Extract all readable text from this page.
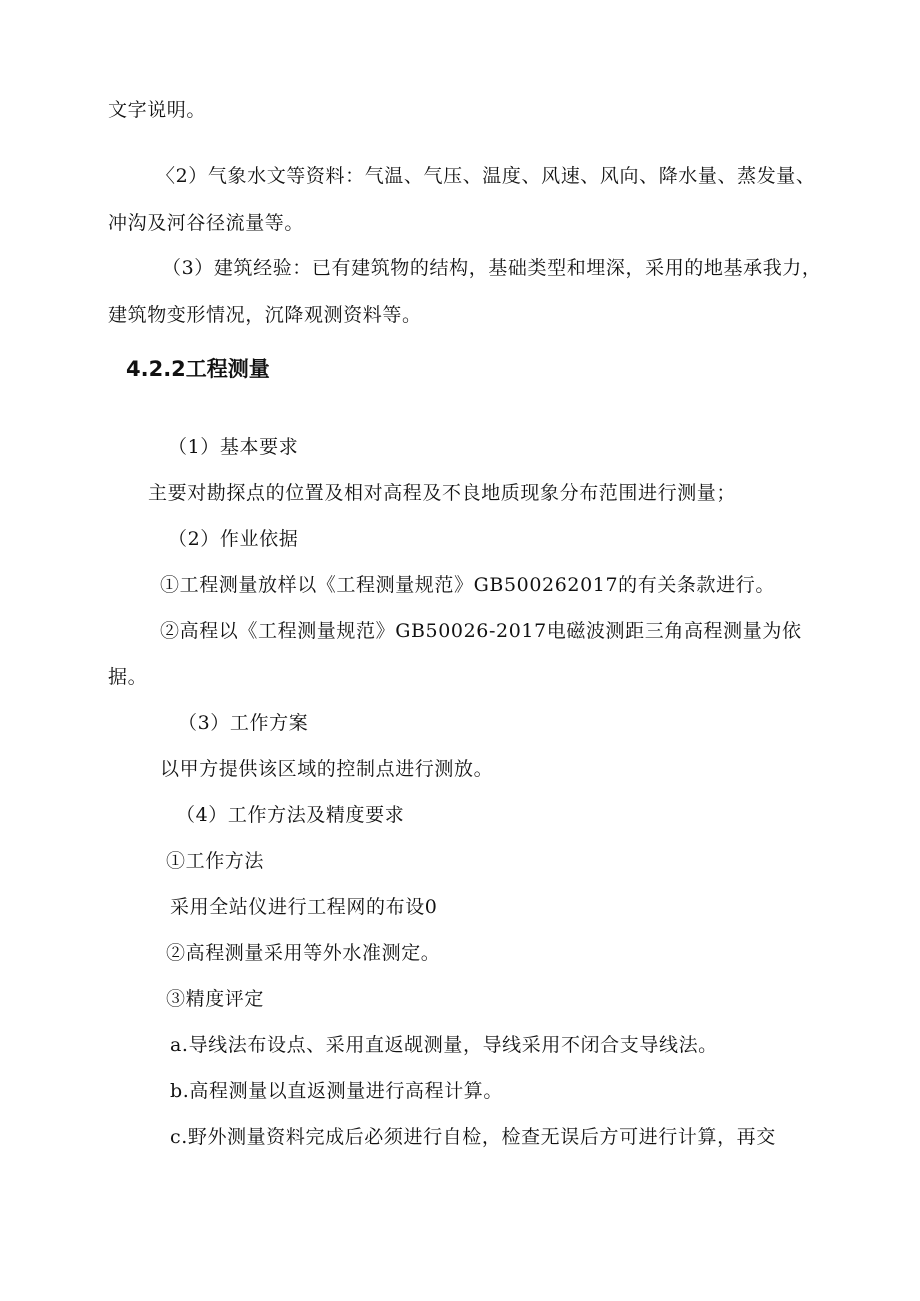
文字说明。
〈2）气象水文等资料：气温、气压、温度、风速、风向、降水量、蒸发量、
冲沟及河谷径流量等。
（3）建筑经验：已有建筑物的结构，基础类型和埋深，采用的地基承我力，
建筑物变形情况，沉降观测资料等。
4.2.2工程测量
（1）基本要求
主要对勘探点的位置及相对高程及不良地质现象分布范围进行测量；
（2）作业依据
①工程测量放样以《工程测量规范》GB500262017的有关条款进行。
②高程以《工程测量规范》GB50026-2017电磁波测距三角高程测量为依
据。
（3）工作方案
以甲方提供该区域的控制点进行测放。
（4）工作方法及精度要求
①工作方法
采用全站仪进行工程网的布设0
②高程测量采用等外水准测定。
③精度评定
a.导线法布设点、采用直返觇测量，导线采用不闭合支导线法。
b.高程测量以直返测量进行高程计算。
c.野外测量资料完成后必须进行自检，检查无误后方可进行计算，再交
